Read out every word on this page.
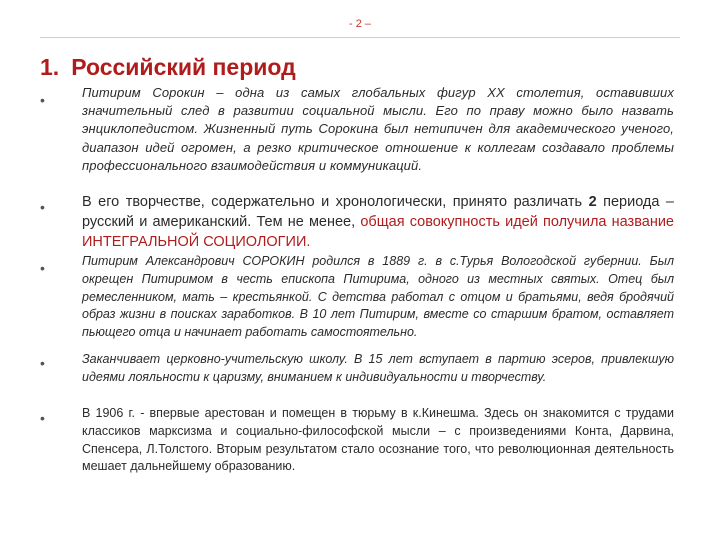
- 2 –
1. Российский период
•	Питирим Сорокин – одна из самых глобальных фигур XX столетия, оставивших значительный след в развитии социальной мысли. Его по праву можно было назвать энциклопедистом. Жизненный путь Сорокина был нетипичен для академического ученого, диапазон идей огромен, а резко критическое отношение к коллегам создавало проблемы профессионального взаимодействия и коммуникаций.

•	В его творчестве, содержательно и хронологически, принято различать 2 периода – русский и американский. Тем не менее, общая совокупность идей получила название ИНТЕГРАЛЬНОЙ СОЦИОЛОГИИ.

•	Питирим Александрович СОРОКИН родился в 1889 г. в с.Турья Вологодской губернии. Был окрещен Питиримом в честь епископа Питирима, одного из местных святых. Отец был ремесленником, мать – крестьянкой. С детства работал с отцом и братьями, ведя бродячий образ жизни в поисках заработков. В 10 лет Питирим, вместе со старшим братом, оставляет пьющего отца и начинает работать самостоятельно.

•	Заканчивает церковно-учительскую школу. В 15 лет вступает в партию эсеров, привлекшую идеями лояльности к царизму, вниманием к индивидуальности и творчеству.

•	В 1906 г. - впервые арестован и помещен в тюрьму в к.Кинешма. Здесь он знакомится с трудами классиков марксизма и социально-философской мысли – с произведениями Конта, Дарвина, Спенсера, Л.Толстого. Вторым результатом стало осознание того, что революционная деятельность мешает дальнейшему образованию.
